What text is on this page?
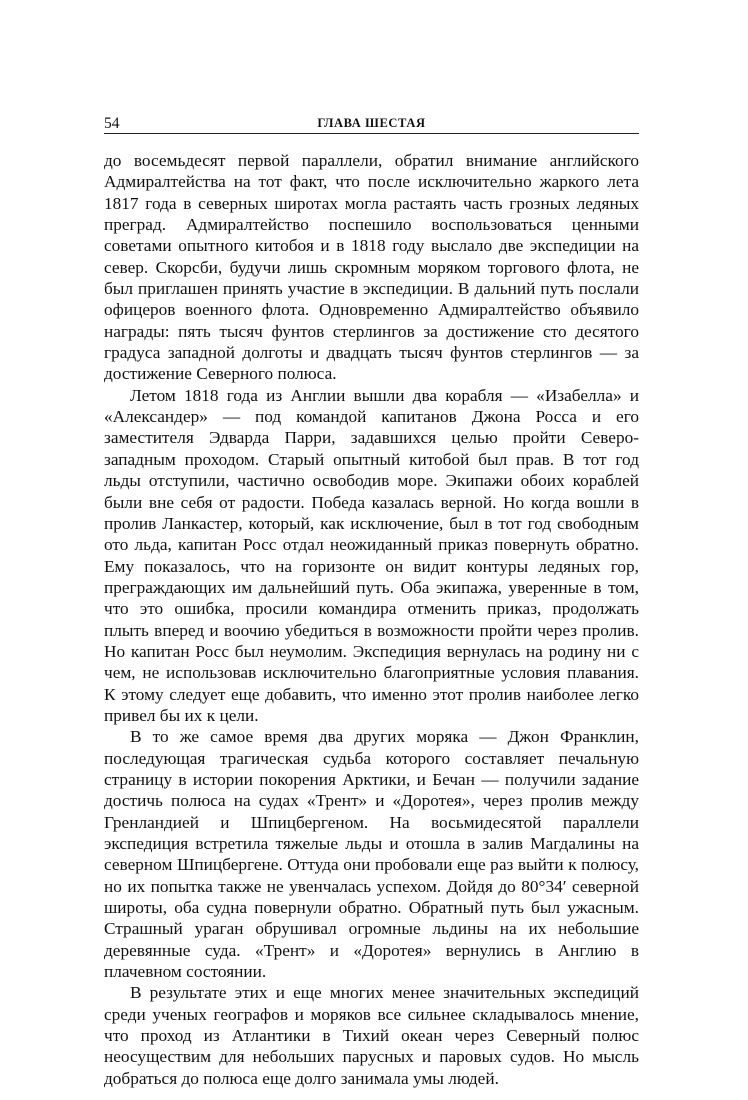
54	ГЛАВА ШЕСТАЯ

до восемьдесят первой параллели, обратил внимание английского Адмиралтейства на тот факт, что после исключительно жаркого лета 1817 года в северных широтах могла растаять часть грозных ледяных преград. Адмиралтейство поспешило воспользоваться ценными советами опытного китобоя и в 1818 году выслало две экспедиции на север. Скорсби, будучи лишь скромным моряком торгового флота, не был приглашен принять участие в экспедиции. В дальний путь послали офицеров военного флота. Одновременно Адмиралтейство объявило награды: пять тысяч фунтов стерлингов за достижение сто десятого градуса западной долготы и двадцать тысяч фунтов стерлингов — за достижение Северного полюса.

Летом 1818 года из Англии вышли два корабля — «Изабелла» и «Александер» — под командой капитанов Джона Росса и его заместителя Эдварда Парри, задавшихся целью пройти Северо-западным проходом. Старый опытный китобой был прав. В тот год льды отступили, частично освободив море. Экипажи обоих кораблей были вне себя от радости. Победа казалась верной. Но когда вошли в пролив Ланкастер, который, как исключение, был в тот год свободным ото льда, капитан Росс отдал неожиданный приказ повернуть обратно. Ему показалось, что на горизонте он видит контуры ледяных гор, преграждающих им дальнейший путь. Оба экипажа, уверенные в том, что это ошибка, просили командира отменить приказ, продолжать плыть вперед и воочию убедиться в возможности пройти через пролив. Но капитан Росс был неумолим. Экспедиция вернулась на родину ни с чем, не использовав исключительно благоприятные условия плавания. К этому следует еще добавить, что именно этот пролив наиболее легко привел бы их к цели.

В то же самое время два других моряка — Джон Франклин, последующая трагическая судьба которого составляет печальную страницу в истории покорения Арктики, и Бечан — получили задание достичь полюса на судах «Трент» и «Доротея», через пролив между Гренландией и Шпицбергеном. На восьмидесятой параллели экспедиция встретила тяжелые льды и отошла в залив Магдалины на северном Шпицбергене. Оттуда они пробовали еще раз выйти к полюсу, но их попытка также не увенчалась успехом. Дойдя до 80°34′ северной широты, оба судна повернули обратно. Обратный путь был ужасным. Страшный ураган обрушивал огромные льдины на их небольшие деревянные суда. «Трент» и «Доротея» вернулись в Англию в плачевном состоянии.

В результате этих и еще многих менее значительных экспедиций среди ученых географов и моряков все сильнее складывалось мнение, что проход из Атлантики в Тихий океан через Северный полюс неосуществим для небольших парусных и паровых судов. Но мысль добраться до полюса еще долго занимала умы людей.
